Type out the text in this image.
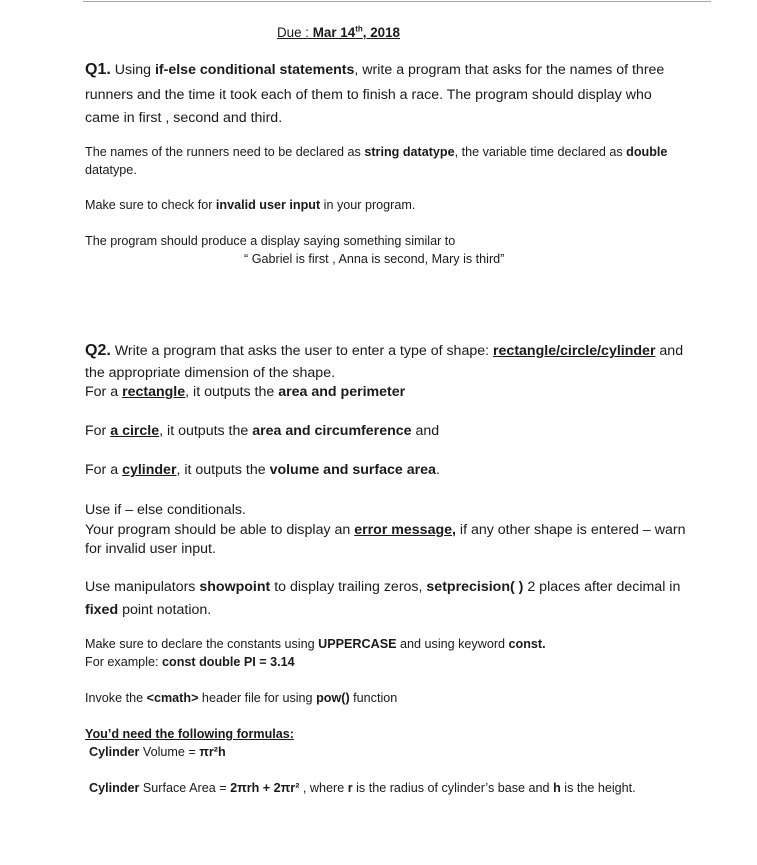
Due : Mar 14th, 2018
Q1. Using if-else conditional statements, write a program that asks for the names of three
runners and the time it took each of them to finish a race. The program should display who
came in first , second and third.
The names of the runners need to be declared as string datatype, the variable time declared as double
datatype.
Make sure to check for invalid user input in your program.
The program should produce a display saying something similar to
“ Gabriel is first , Anna is second, Mary is third”
Q2. Write a program that asks the user to enter a type of shape: rectangle/circle/cylinder and
the appropriate dimension of the shape.
For a rectangle, it outputs the area and perimeter
For a circle, it outputs the area and circumference and
For a cylinder, it outputs the volume and surface area.
Use if – else conditionals.
Your program should be able to display an error message, if any other shape is entered – warn
for invalid user input.
Use manipulators showpoint to display trailing zeros, setprecision( ) 2 places after decimal in
fixed point notation.
Make sure to declare the constants using UPPERCASE and using keyword const.
For example: const double PI = 3.14
Invoke the <cmath> header file for using pow() function
You’d need the following formulas:
Cylinder Volume = πr²h
Cylinder Surface Area = 2πrh + 2πr² , where r is the radius of cylinder’s base and h is the height.
